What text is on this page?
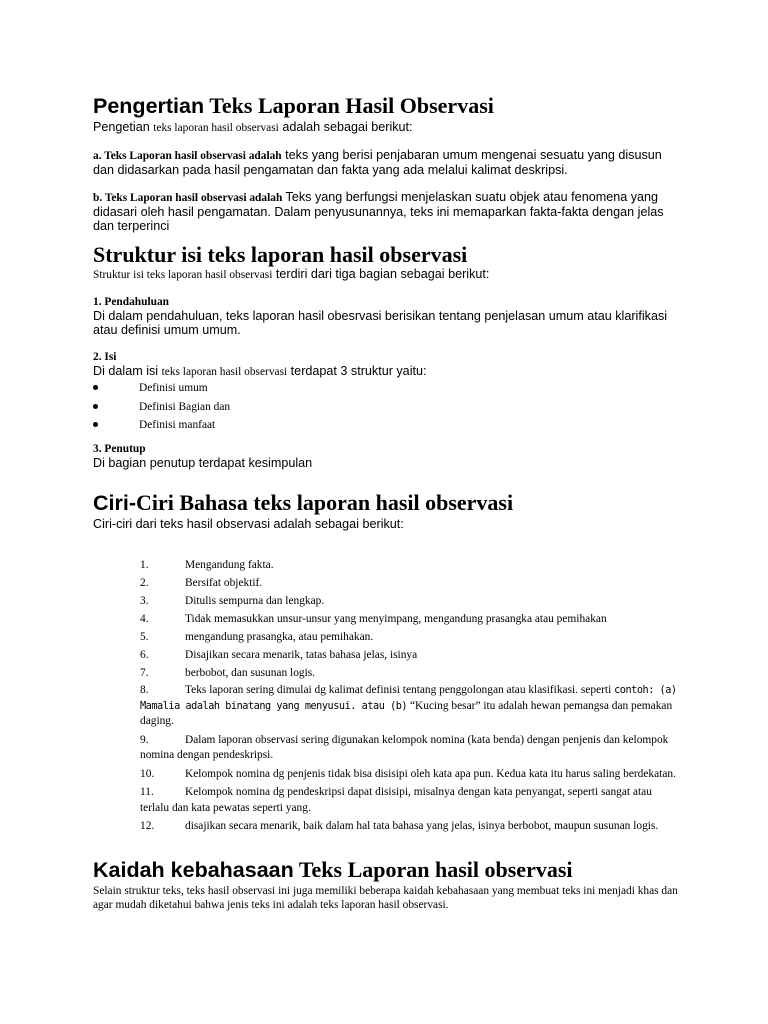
Pengertian Teks Laporan Hasil Observasi

Pengetian teks laporan hasil observasi adalah sebagai berikut:

a. Teks Laporan hasil observasi adalah teks yang berisi penjabaran umum mengenai sesuatu yang disusun dan didasarkan pada hasil pengamatan dan fakta yang ada melalui kalimat deskripsi.

b. Teks Laporan hasil observasi adalah Teks yang berfungsi menjelaskan suatu objek atau fenomena yang didasari oleh hasil pengamatan. Dalam penyusunannya, teks ini memaparkan fakta-fakta dengan jelas dan terperinci

Struktur isi teks laporan hasil observasi

Struktur isi teks laporan hasil observasi terdiri dari tiga bagian sebagai berikut:

1. Pendahuluan

Di dalam pendahuluan, teks laporan hasil obesrvasi berisikan tentang penjelasan umum atau klarifikasi atau definisi umum umum.

2. Isi

Di dalam isi teks laporan hasil observasi terdapat 3 struktur yaitu:

Definisi umum
Definisi Bagian dan
Definisi manfaat
3. Penutup

Di bagian penutup terdapat kesimpulan

Ciri-Ciri Bahasa teks laporan hasil observasi

Ciri-ciri dari teks hasil observasi adalah sebagai berikut:

1.	Mengandung fakta.
2.	Bersifat objektif.
3.	Ditulis sempurna dan lengkap.
4.	Tidak memasukkan unsur-unsur yang menyimpang, mengandung prasangka atau pemihakan
5.	mengandung prasangka, atau pemihakan.
6.	Disajikan secara menarik, tatas bahasa jelas, isinya
7.	berbobot, dan susunan logis.
8.	Teks laporan sering dimulai dg kalimat definisi tentang penggolongan atau klasifikasi. seperti contoh: (a) Mamalia adalah binatang yang menyusui. atau (b) “Kucing besar” itu adalah hewan pemangsa dan pemakan daging.
9.	Dalam laporan observasi sering digunakan kelompok nomina (kata benda) dengan penjenis dan kelompok nomina dengan pendeskripsi.
10.	Kelompok nomina dg penjenis tidak bisa disisipi oleh kata apa pun. Kedua kata itu harus saling berdekatan.
11.	Kelompok nomina dg pendeskripsi dapat disisipi, misalnya dengan kata penyangat, seperti sangat atau terlalu dan kata pewatas seperti yang.
12.	disajikan secara menarik, baik dalam hal tata bahasa yang jelas, isinya berbobot, maupun susunan logis.
Kaidah kebahasaan Teks Laporan hasil observasi

Selain struktur teks, teks hasil observasi ini juga memiliki beberapa kaidah kebahasaan yang membuat teks ini menjadi khas dan agar mudah diketahui bahwa jenis teks ini adalah teks laporan hasil observasi.
